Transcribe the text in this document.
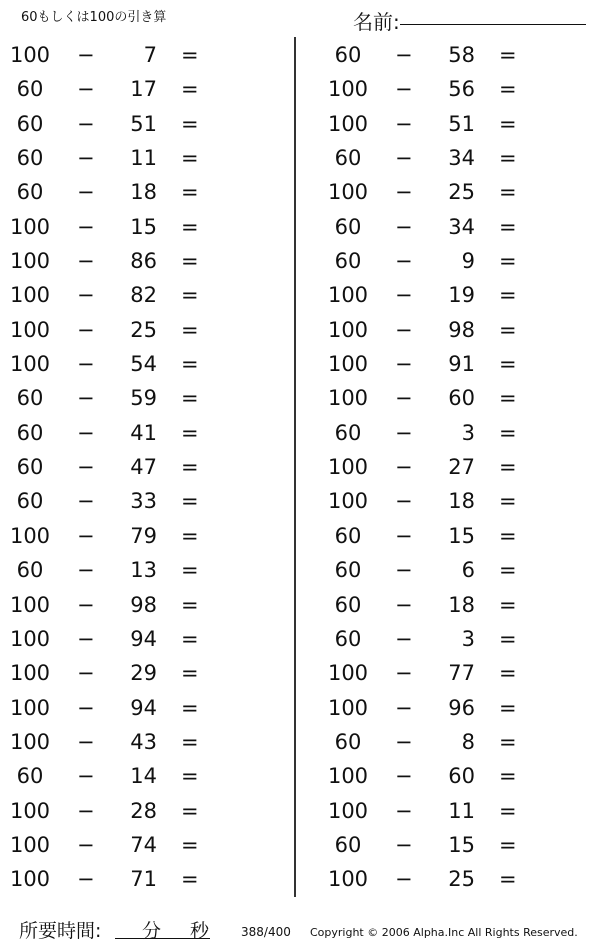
60もしくは100の引き算	名前:
100	−	7 =
60	−	17 =
60	−	51 =
60	−	11 =
60	−	18 =
100	−	15 =
100	−	86 =
100	−	82 =
100	−	25 =
100	−	54 =
60	−	59 =
60	−	41 =
60	−	47 =
60	−	33 =
100	−	79 =
60	−	13 =
100	−	98 =
100	−	94 =
100	−	29 =
100	−	94 =
100	−	43 =
60	−	14 =
100	−	28 =
100	−	74 =
100	−	71 =
60	−	58 =
100	−	56 =
100	−	51 =
60	−	34 =
100	−	25 =
60	−	34 =
60	−	9 =
100	−	19 =
100	−	98 =
100	−	91 =
100	−	60 =
60	−	3 =
100	−	27 =
100	−	18 =
60	−	15 =
60	−	6 =
60	−	18 =
60	−	3 =
100	−	77 =
100	−	96 =
60	−	8 =
100	−	60 =
100	−	11 =
60	−	15 =
100	−	25 =
所要時間: 分 秒	388/400 Copyright © 2006 Alpha.Inc All Rights Reserved.
